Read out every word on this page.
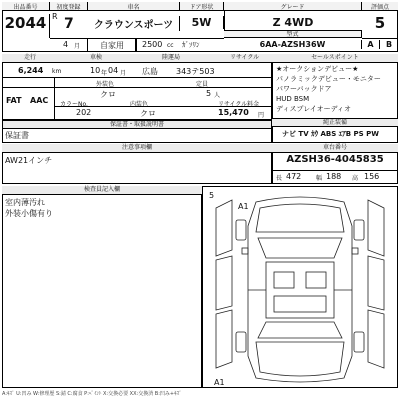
出品番号
2044
初度登録
R 7
4 月
車名
クラウンスポーツ
自家用
ドア形状
5W
2500 cc ｶﾞｿﾘﾝ
グレード
Z 4WD
型式
6AA-AZSH36W
評価点
5
A	B
走行	車検	陸運局	リサイクル
6,244 km	10 年 04 月 広島 343テ503
外装色	定員
FAT AAC
クロ	5 人
カラーNo.	内装色	リサイクル料金
202	クロ	15,470 円
保証書・取扱説明書
保証書
セールスポイント
★オークションデビュー★
パノラミックデビュー・モニター
パワーバックドア
HUD BSM
ディスプレイオーディオ
純正装備
ナビ TV ｶｳ ABS ｴｱB PS PW
注意事項欄
AW21インチ
車台番号
AZSH36-4045835
長 472 幅 188 高 156
検査員記入欄
室内薄汚れ
外装小傷有り
A1
A1
5
A:ｷｽﾞ U:凹み W:修理歴 S:錆 C:腐食 P:ﾍﾟｲﾝﾄ X:交換必要 XX:交換済 B:凹み+ｷｽﾞ
